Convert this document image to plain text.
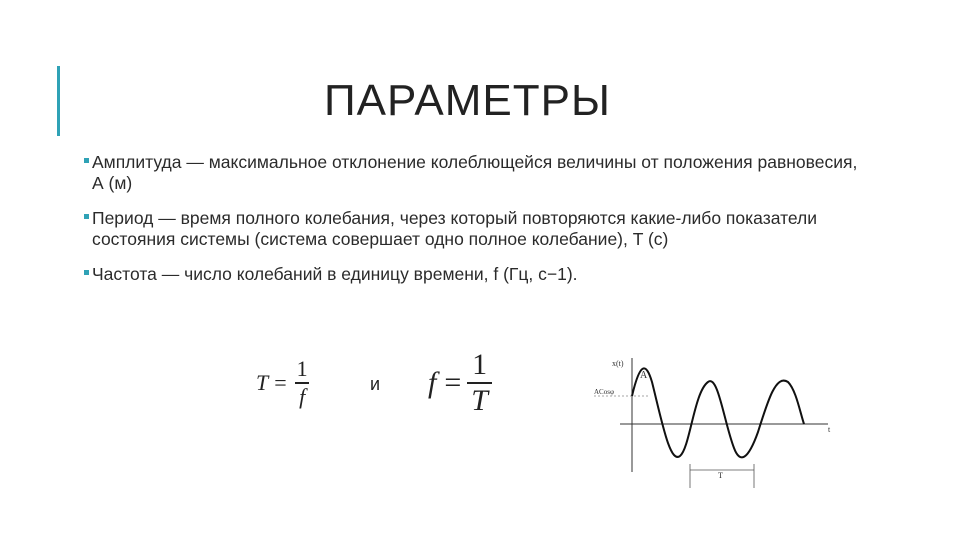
ПАРАМЕТРЫ
Амплитуда — максимальное отклонение колеблющейся величины от положения равновесия, А (м)
Период — время полного колебания, через который повторяются какие-либо показатели состояния системы (система совершает одно полное колебание), T (c)
Частота — число колебаний в единицу времени, f (Гц, с−1).
$T = \frac{1}{f}$	и $f = \frac{1}{T}$	x(t)
A
ACosφ
T
t
